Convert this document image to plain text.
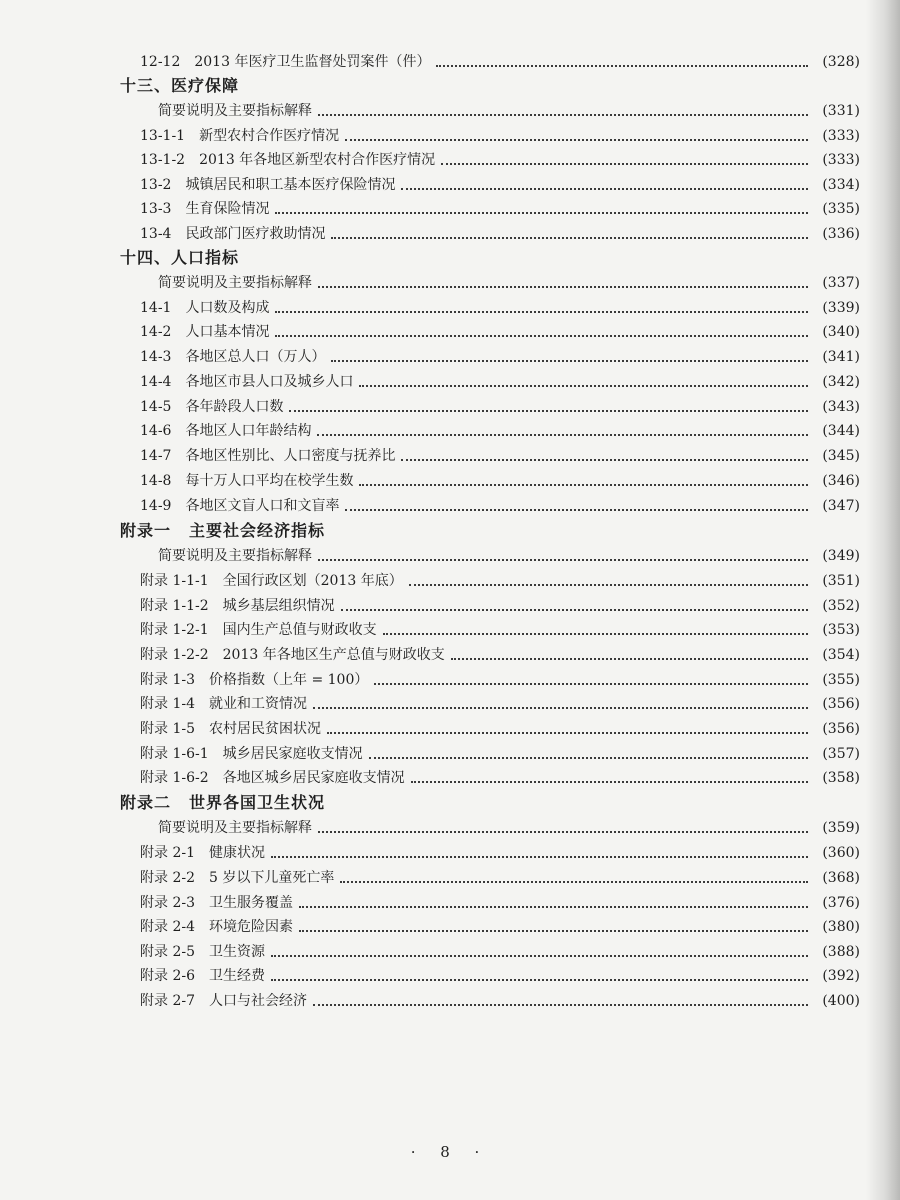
12-12 2013 年医疗卫生监督处罚案件（件）	(328)
十三、医疗保障
简要说明及主要指标解释	(331)
13-1-1 新型农村合作医疗情况	(333)
13-1-2 2013 年各地区新型农村合作医疗情况	(333)
13-2 城镇居民和职工基本医疗保险情况	(334)
13-3 生育保险情况	(335)
13-4 民政部门医疗救助情况	(336)
十四、人口指标
简要说明及主要指标解释	(337)
14-1 人口数及构成	(339)
14-2 人口基本情况	(340)
14-3 各地区总人口（万人）	(341)
14-4 各地区市县人口及城乡人口	(342)
14-5 各年龄段人口数	(343)
14-6 各地区人口年龄结构	(344)
14-7 各地区性别比、人口密度与抚养比	(345)
14-8 每十万人口平均在校学生数	(346)
14-9 各地区文盲人口和文盲率	(347)
附录一 主要社会经济指标
简要说明及主要指标解释	(349)
附录 1-1-1 全国行政区划（2013 年底）	(351)
附录 1-1-2 城乡基层组织情况	(352)
附录 1-2-1 国内生产总值与财政收支	(353)
附录 1-2-2 2013 年各地区生产总值与财政收支	(354)
附录 1-3 价格指数（上年 = 100）	(355)
附录 1-4 就业和工资情况	(356)
附录 1-5 农村居民贫困状况	(356)
附录 1-6-1 城乡居民家庭收支情况	(357)
附录 1-6-2 各地区城乡居民家庭收支情况	(358)
附录二 世界各国卫生状况
简要说明及主要指标解释	(359)
附录 2-1 健康状况	(360)
附录 2-2 5 岁以下儿童死亡率	(368)
附录 2-3 卫生服务覆盖	(376)
附录 2-4 环境危险因素	(380)
附录 2-5 卫生资源	(388)
附录 2-6 卫生经费	(392)
附录 2-7 人口与社会经济	(400)
· 8 ·
